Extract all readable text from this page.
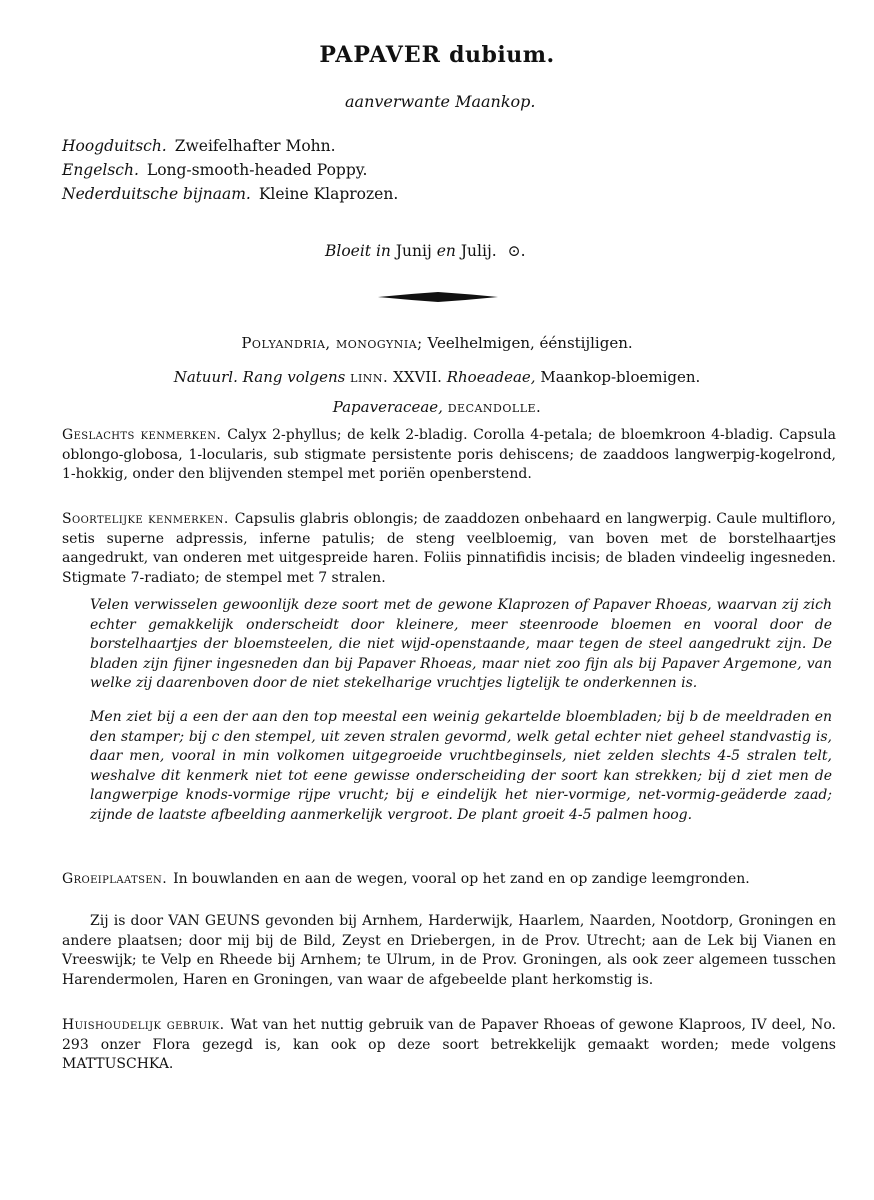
PAPAVER dubium.
aanverwante Maankop.
Hoogduitsch. Zweifelhafter Mohn.
Engelsch. Long-smooth-headed Poppy.
Nederduitsche bijnaam. Kleine Klaprozen.
Bloeit in Junij en Julij. ⊙.
Polyandria, monogynia; Veelhelmigen, éénstijligen.
Natuurl. Rang volgens linn. XXVII. Rhoeadeae, Maankop-bloemigen.
Papaveraceae, decandolle.
Geslachts kenmerken. Calyx 2-phyllus; de kelk 2-bladig. Corolla 4-petala; de bloemkroon 4-bladig. Capsula oblongo-globosa, 1-locularis, sub stigmate persistente poris dehiscens; de zaaddoos langwerpig-kogelrond, 1-hokkig, onder den blijvenden stempel met poriën openberstend.
Soortelijke kenmerken. Capsulis glabris oblongis; de zaaddozen onbehaard en langwerpig. Caule multifloro, setis superne adpressis, inferne patulis; de steng veelbloemig, van boven met de borstelhaartjes aangedrukt, van onderen met uitgespreide haren. Foliis pinnatifidis incisis; de bladen vindeelig ingesneden. Stigmate 7-radiato; de stempel met 7 stralen.
Velen verwisselen gewoonlijk deze soort met de gewone Klaprozen of Papaver Rhoeas, waarvan zij zich echter gemakkelijk onderscheidt door kleinere, meer steenroode bloemen en vooral door de borstelhaartjes der bloemsteelen, die niet wijd-openstaande, maar tegen de steel aangedrukt zijn. De bladen zijn fijner ingesneden dan bij Papaver Rhoeas, maar niet zoo fijn als bij Papaver Argemone, van welke zij daarenboven door de niet stekelharige vruchtjes ligtelijk te onderkennen is.
Men ziet bij a een der aan den top meestal een weinig gekartelde bloembladen; bij b de meeldraden en den stamper; bij c den stempel, uit zeven stralen gevormd, welk getal echter niet geheel standvastig is, daar men, vooral in min volkomen uitgegroeide vruchtbeginsels, niet zelden slechts 4-5 stralen telt, weshalve dit kenmerk niet tot eene gewisse onderscheiding der soort kan strekken; bij d ziet men de langwerpige knods-vormige rijpe vrucht; bij e eindelijk het nier-vormige, net-vormig-geäderde zaad; zijnde de laatste afbeelding aanmerkelijk vergroot. De plant groeit 4-5 palmen hoog.
Groeiplaatsen. In bouwlanden en aan de wegen, vooral op het zand en op zandige leemgronden.
Zij is door VAN GEUNS gevonden bij Arnhem, Harderwijk, Haarlem, Naarden, Nootdorp, Groningen en andere plaatsen; door mij bij de Bild, Zeyst en Driebergen, in de Prov. Utrecht; aan de Lek bij Vianen en Vreeswijk; te Velp en Rheede bij Arnhem; te Ulrum, in de Prov. Groningen, als ook zeer algemeen tusschen Harendermolen, Haren en Groningen, van waar de afgebeelde plant herkomstig is.
Huishoudelijk gebruik. Wat van het nuttig gebruik van de Papaver Rhoeas of gewone Klaproos, IV deel, No. 293 onzer Flora gezegd is, kan ook op deze soort betrekkelijk gemaakt worden; mede volgens MATTUSCHKA.
